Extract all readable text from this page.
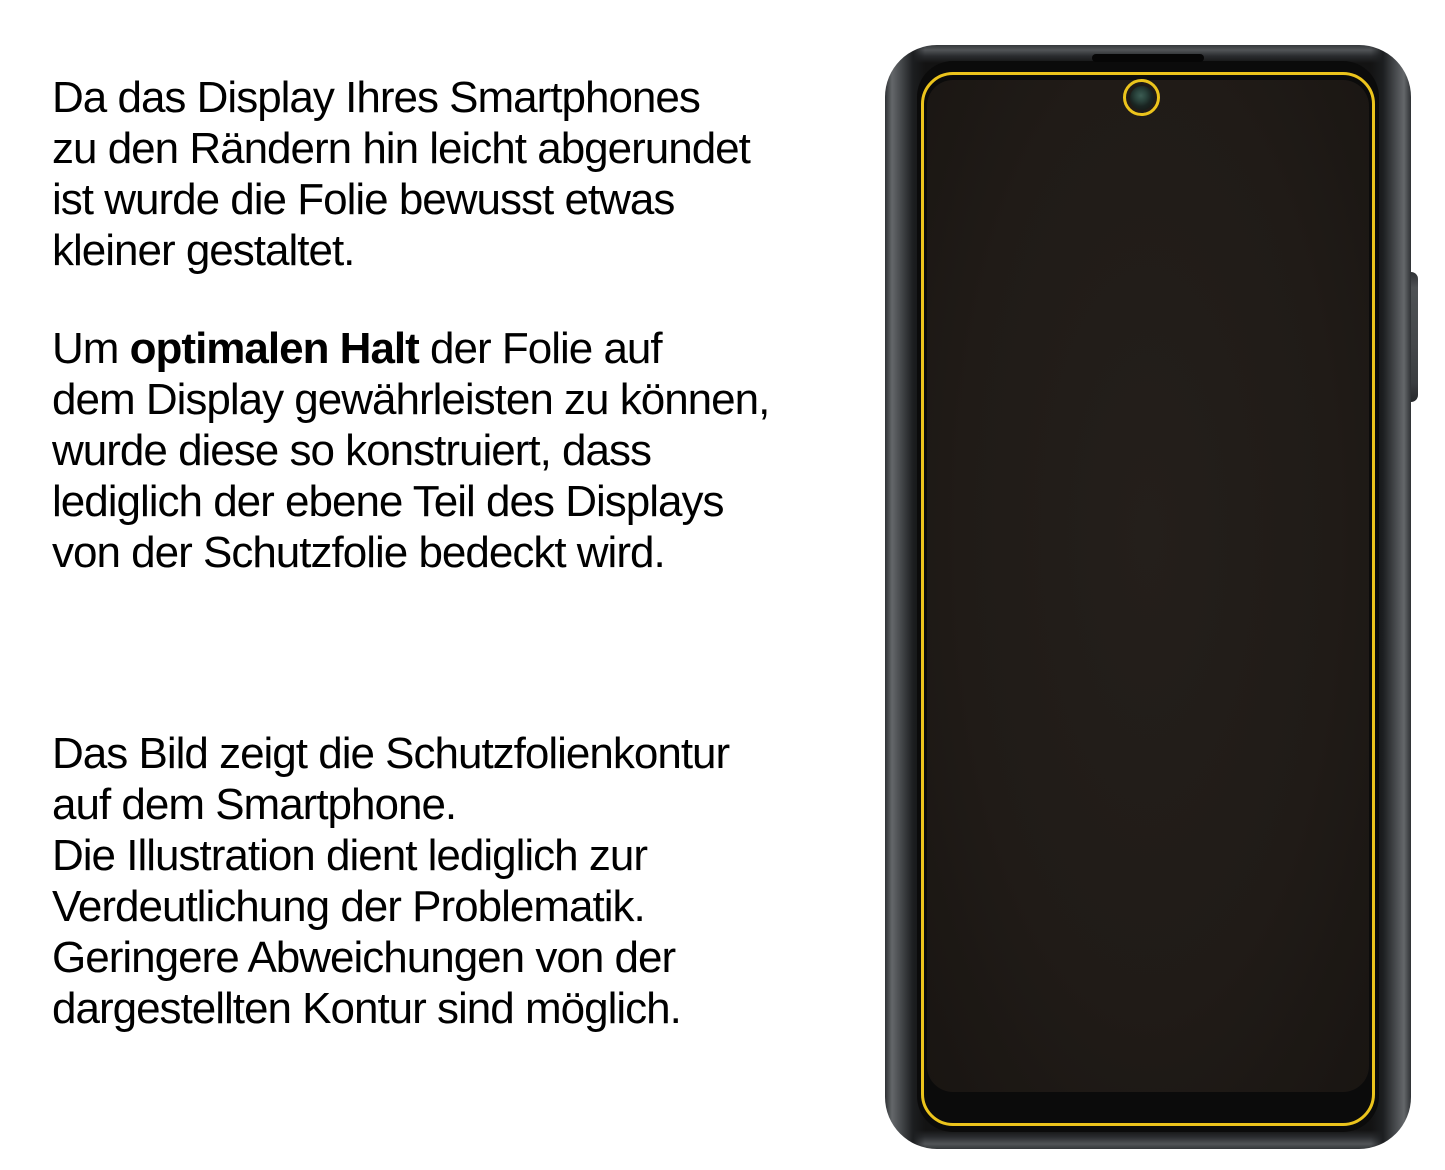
Da das Display Ihres Smartphones
zu den Rändern hin leicht abgerundet
ist wurde die Folie bewusst etwas
kleiner gestaltet.
Um optimalen Halt der Folie auf
dem Display gewährleisten zu können,
wurde diese so konstruiert, dass
lediglich der ebene Teil des Displays
von der Schutzfolie bedeckt wird.
Das Bild zeigt die Schutzfolienkontur
auf dem Smartphone.
Die Illustration dient lediglich zur
Verdeutlichung der Problematik.
Geringere Abweichungen von der
dargestellten Kontur sind möglich.
